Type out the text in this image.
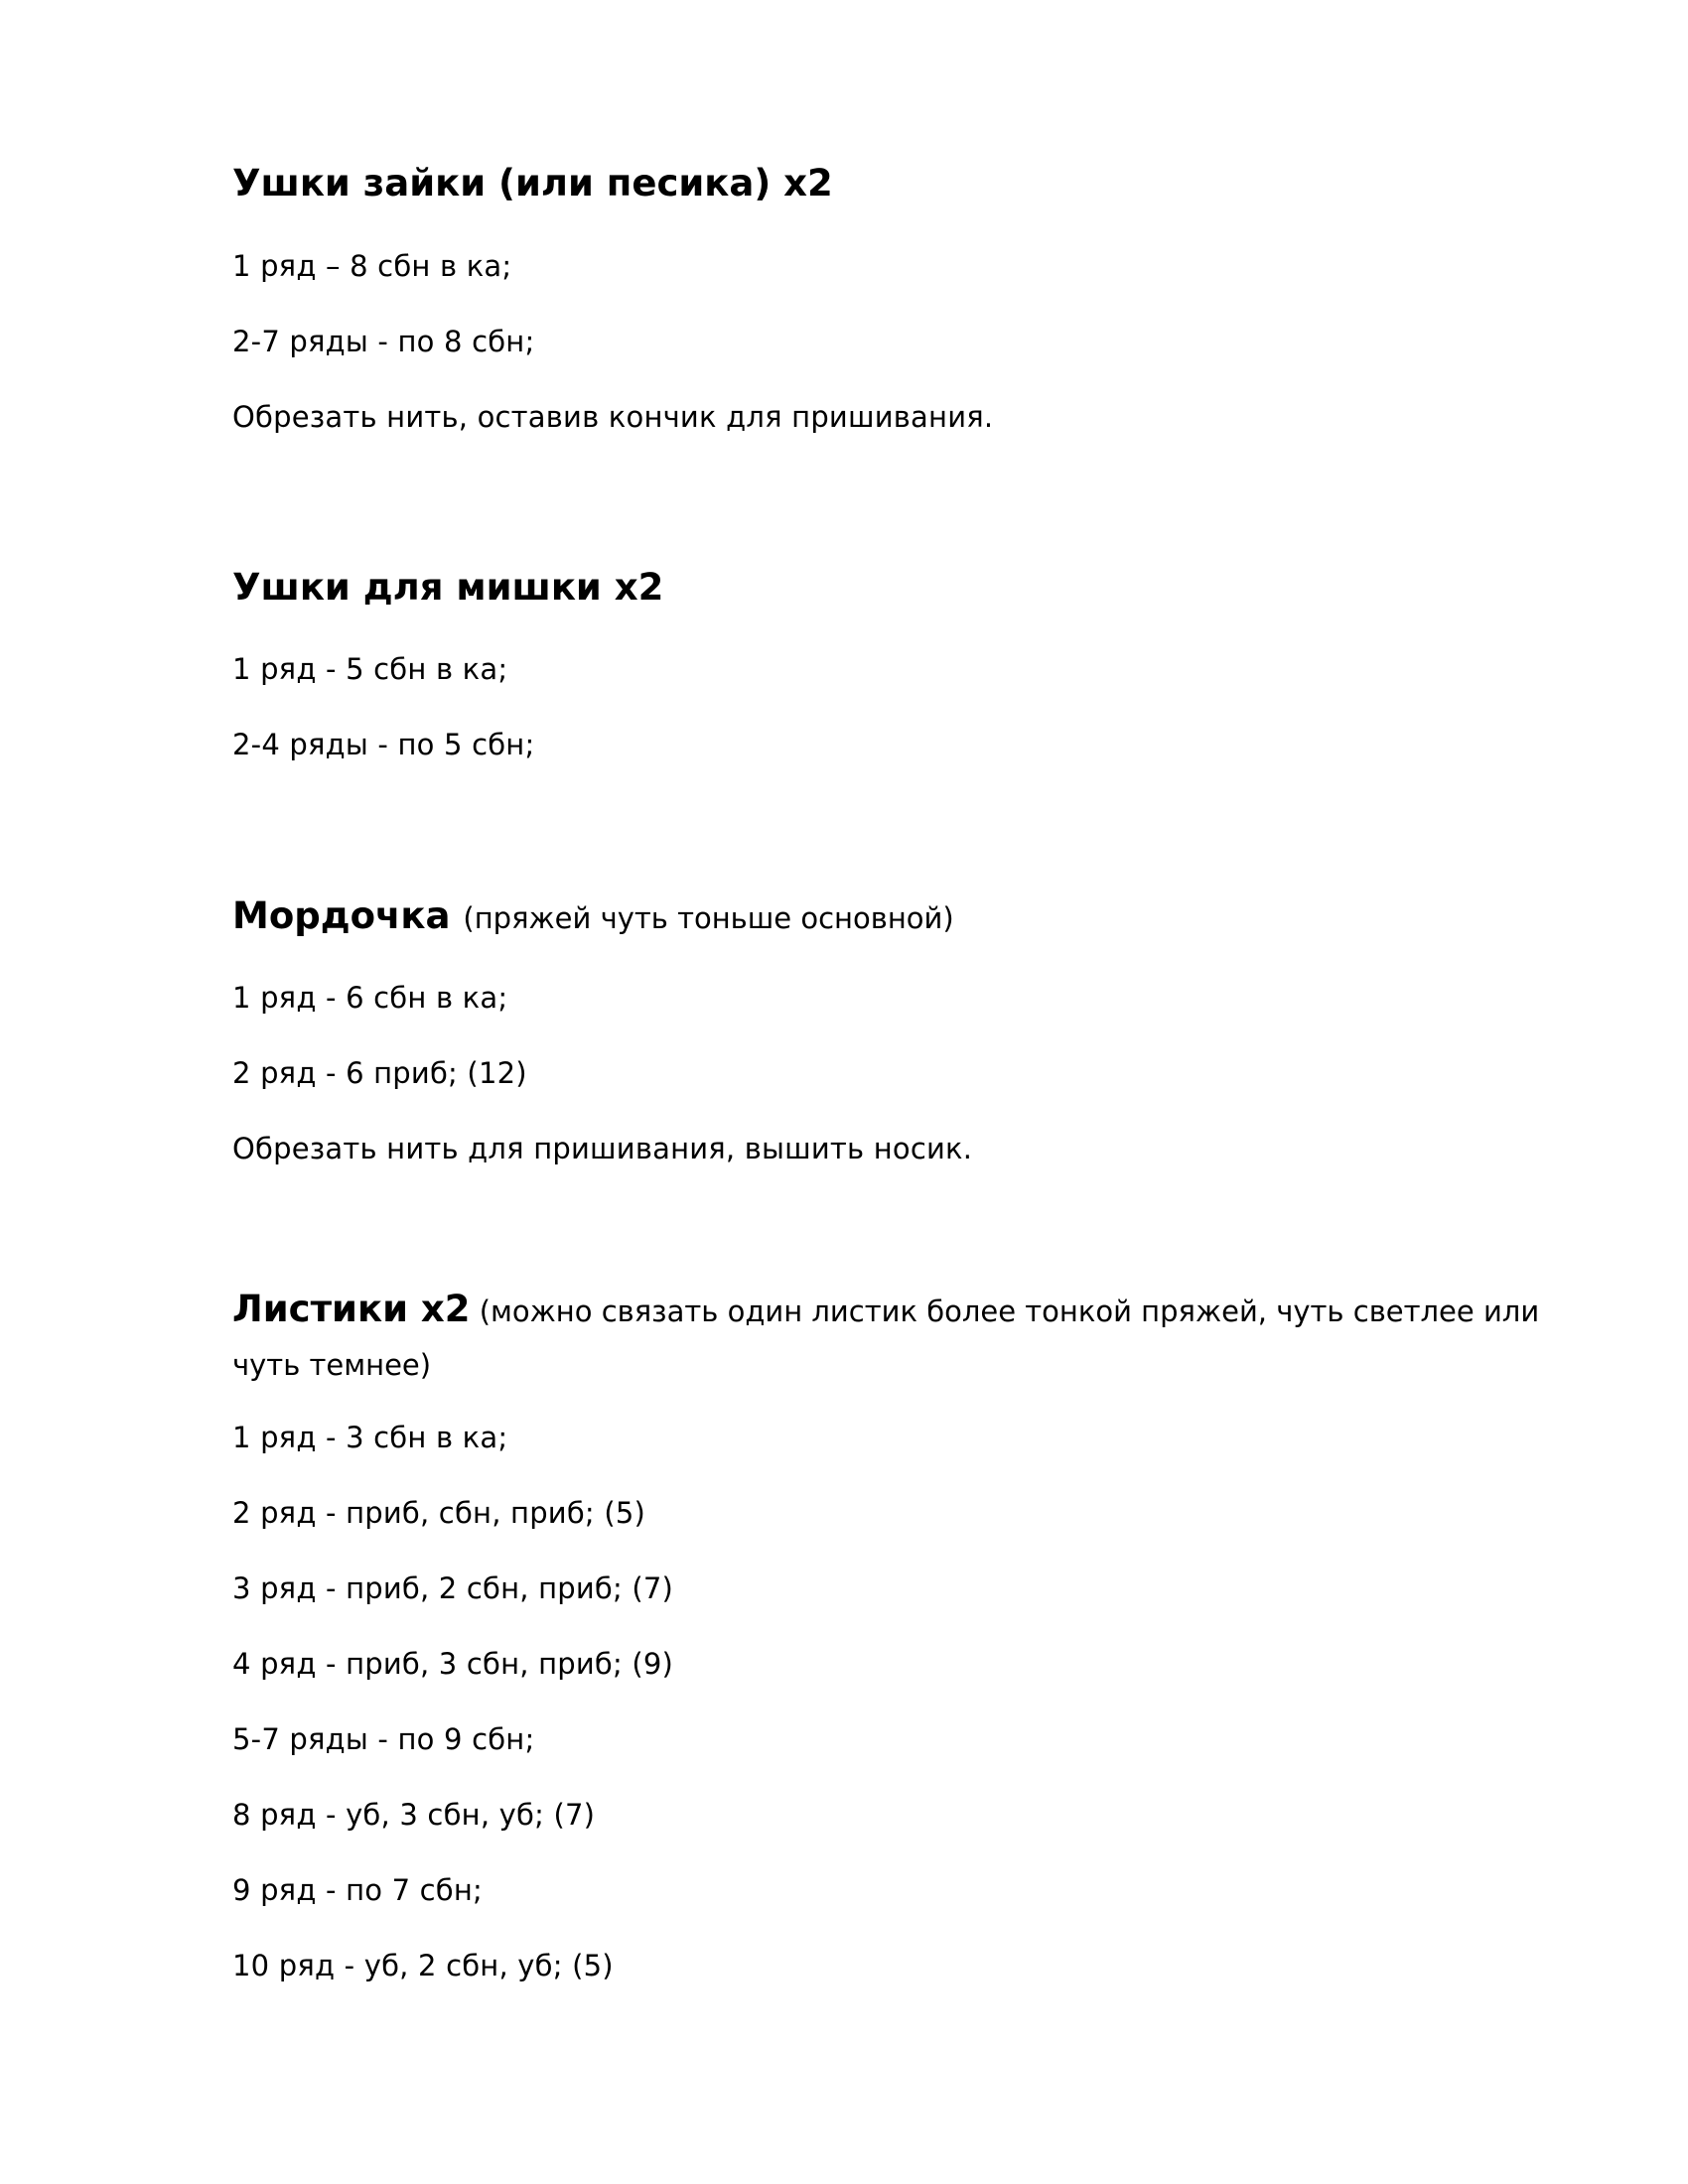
Ушки зайки (или песика) х2
1 ряд – 8 сбн в ка;
2-7 ряды - по 8 сбн;
Обрезать нить, оставив кончик для пришивания.
Ушки для мишки х2
1 ряд - 5 сбн в ка;
2-4 ряды - по 5 сбн;
Мордочка (пряжей чуть тоньше основной)
1 ряд - 6 сбн в ка;
2 ряд - 6 приб; (12)
Обрезать нить для пришивания, вышить носик.
Листики х2 (можно связать один листик более тонкой пряжей, чуть светлее или чуть темнее)
1 ряд - 3 сбн в ка;
2 ряд - приб, сбн, приб; (5)
3 ряд - приб, 2 сбн, приб; (7)
4 ряд - приб, 3 сбн, приб; (9)
5-7 ряды - по 9 сбн;
8 ряд - уб, 3 сбн, уб; (7)
9 ряд - по 7 сбн;
10 ряд - уб, 2 сбн, уб; (5)
